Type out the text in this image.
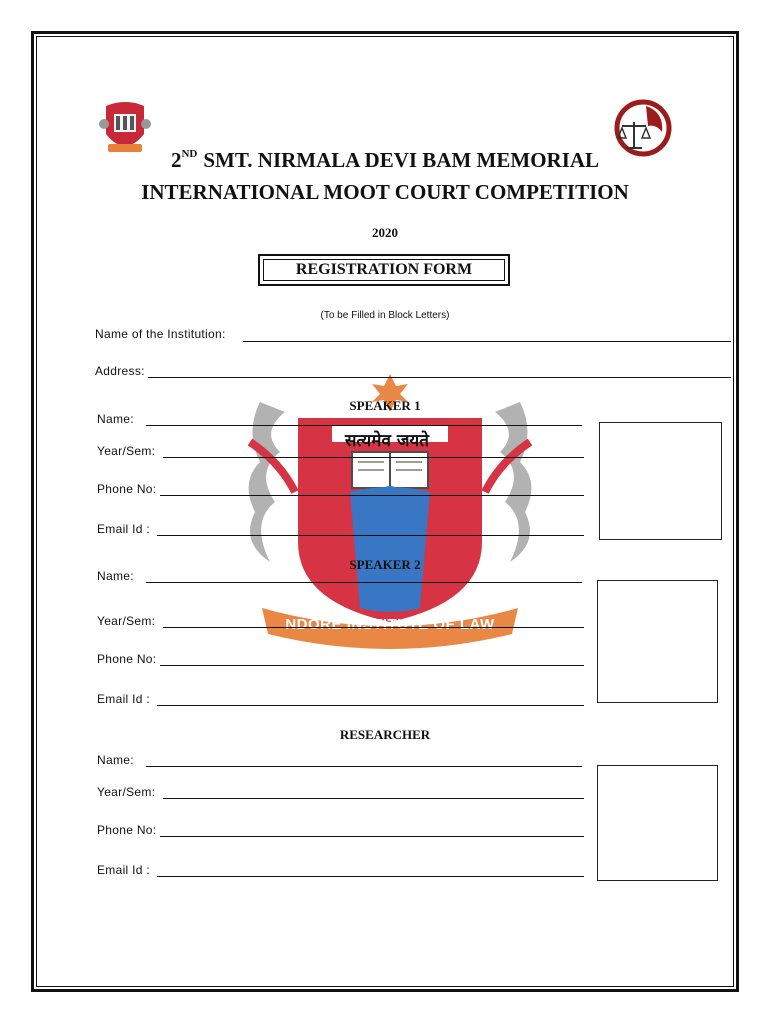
सत्यमेव जयते
NDORE INSTITUTE OF LAW
2ND SMT. NIRMALA DEVI BAM MEMORIAL
INTERNATIONAL MOOT COURT COMPETITION
2020
REGISTRATION FORM
(To be Filled in Block Letters)
Name of the Institution:
Address:
SPEAKER 1
Name:
Year/Sem:
Phone No:
Email Id :
SPEAKER 2
Name:
Year/Sem:
Phone No:
Email Id :
RESEARCHER
Name:
Year/Sem:
Phone No:
Email Id :
